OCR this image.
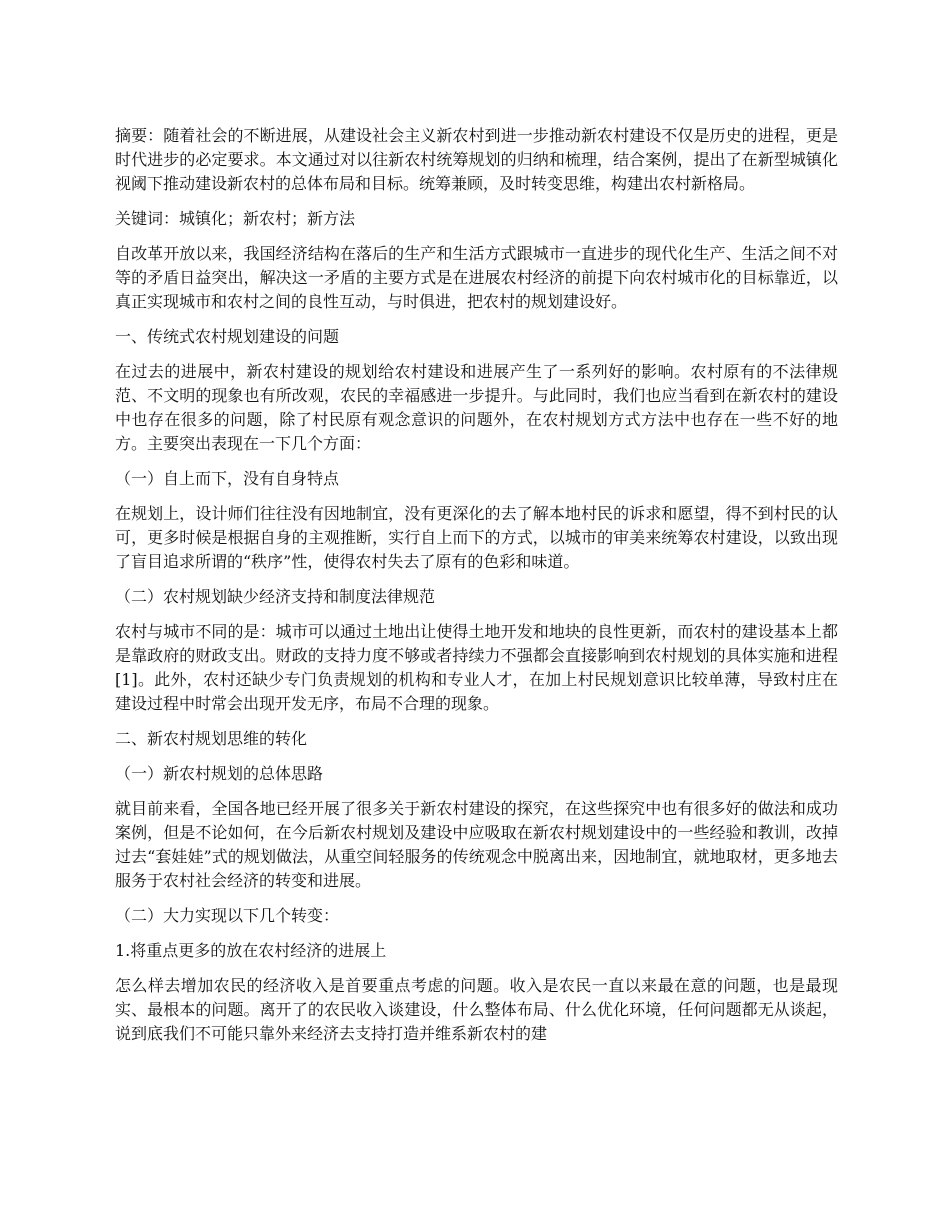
摘要：随着社会的不断进展，从建设社会主义新农村到进一步推动新农村建设不仅是历史的进程，更是时代进步的必定要求。本文通过对以往新农村统筹规划的归纳和梳理，结合案例，提出了在新型城镇化视阈下推动建设新农村的总体布局和目标。统筹兼顾，及时转变思维，构建出农村新格局。

关键词：城镇化；新农村；新方法

自改革开放以来，我国经济结构在落后的生产和生活方式跟城市一直进步的现代化生产、生活之间不对等的矛盾日益突出，解决这一矛盾的主要方式是在进展农村经济的前提下向农村城市化的目标靠近，以真正实现城市和农村之间的良性互动，与时俱进，把农村的规划建设好。

一、传统式农村规划建设的问题

在过去的进展中，新农村建设的规划给农村建设和进展产生了一系列好的影响。农村原有的不法律规范、不文明的现象也有所改观，农民的幸福感进一步提升。与此同时，我们也应当看到在新农村的建设中也存在很多的问题，除了村民原有观念意识的问题外，在农村规划方式方法中也存在一些不好的地方。主要突出表现在一下几个方面：

（一）自上而下，没有自身特点

在规划上，设计师们往往没有因地制宜，没有更深化的去了解本地村民的诉求和愿望，得不到村民的认可，更多时候是根据自身的主观推断，实行自上而下的方式，以城市的审美来统筹农村建设，以致出现了盲目追求所谓的“秩序”性，使得农村失去了原有的色彩和味道。

（二）农村规划缺少经济支持和制度法律规范

农村与城市不同的是：城市可以通过土地出让使得土地开发和地块的良性更新，而农村的建设基本上都是靠政府的财政支出。财政的支持力度不够或者持续力不强都会直接影响到农村规划的具体实施和进程[1]。此外，农村还缺少专门负责规划的机构和专业人才，在加上村民规划意识比较单薄，导致村庄在建设过程中时常会出现开发无序，布局不合理的现象。

二、新农村规划思维的转化

（一）新农村规划的总体思路

就目前来看，全国各地已经开展了很多关于新农村建设的探究，在这些探究中也有很多好的做法和成功案例，但是不论如何，在今后新农村规划及建设中应吸取在新农村规划建设中的一些经验和教训，改掉过去“套娃娃”式的规划做法，从重空间轻服务的传统观念中脱离出来，因地制宜，就地取材，更多地去服务于农村社会经济的转变和进展。

（二）大力实现以下几个转变：

1.将重点更多的放在农村经济的进展上

怎么样去增加农民的经济收入是首要重点考虑的问题。收入是农民一直以来最在意的问题，也是最现实、最根本的问题。离开了的农民收入谈建设，什么整体布局、什么优化环境，任何问题都无从谈起，说到底我们不可能只靠外来经济去支持打造并维系新农村的建
